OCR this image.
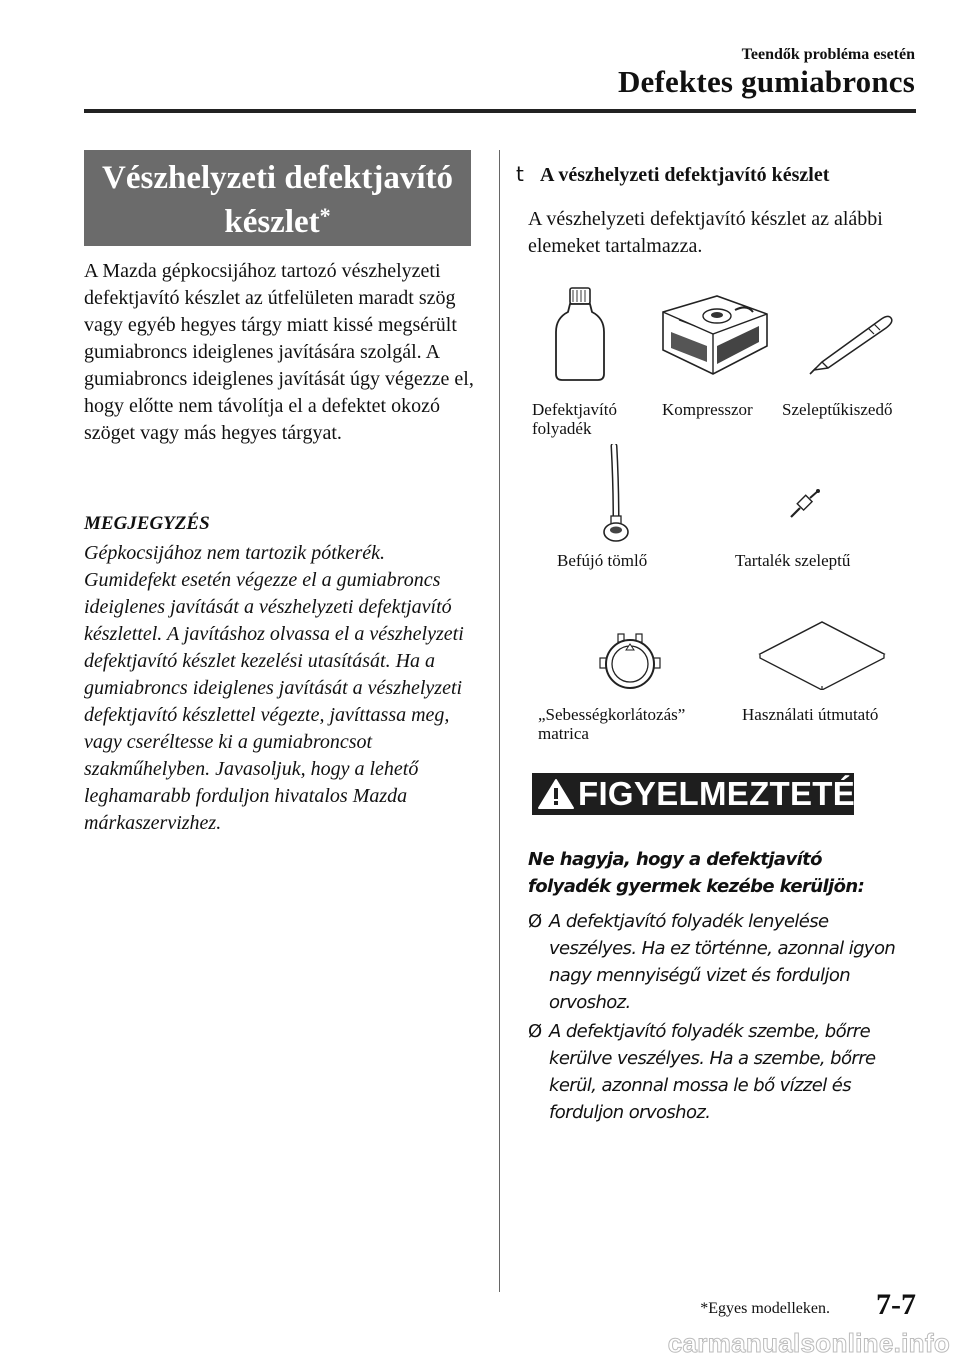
Teendők probléma esetén
Defektes gumiabroncs
Vészhelyzeti defektjavító
készlet*
A Mazda gépkocsijához tartozó vészhelyzeti defektjavító készlet az útfelületen maradt szög vagy egyéb hegyes tárgy miatt kissé megsérült gumiabroncs ideiglenes javítására szolgál. A gumiabroncs ideiglenes javítását úgy végezze el, hogy előtte nem távolítja el a defektet okozó szöget vagy más hegyes tárgyat.
MEGJEGYZÉS
Gépkocsijához nem tartozik pótkerék. Gumidefekt esetén végezze el a gumiabroncs ideiglenes javítását a vészhelyzeti defektjavító készlettel. A javításhoz olvassa el a vészhelyzeti defektjavító készlet kezelési utasítását. Ha a gumiabroncs ideiglenes javítását a vészhelyzeti defektjavító készlettel végezte, javíttassa meg, vagy cseréltesse ki a gumiabroncsot szakműhelyben. Javasoljuk, hogy a lehető leghamarabb forduljon hivatalos Mazda márkaszervizhez.
t A vészhelyzeti defektjavító készlet
A vészhelyzeti defektjavító készlet az alábbi elemeket tartalmazza.
Defektjavító
folyadék
Kompresszor Szeleptűkiszedő
Befújó tömlő	Tartalék szeleptű
„Sebességkorlátozás”
matrica
Használati útmutató
FIGYELMEZTETÉS
Ne hagyja, hogy a defektjavító folyadék gyermek kezébe kerüljön:
Ø A defektjavító folyadék lenyelése veszélyes. Ha ez történne, azonnal igyon nagy mennyiségű vizet és forduljon orvoshoz.
Ø A defektjavító folyadék szembe, bőrre kerülve veszélyes. Ha a szembe, bőrre kerül, azonnal mossa le bő vízzel és forduljon orvoshoz.
*Egyes modelleken. 7-7
carmanualsonline.info
